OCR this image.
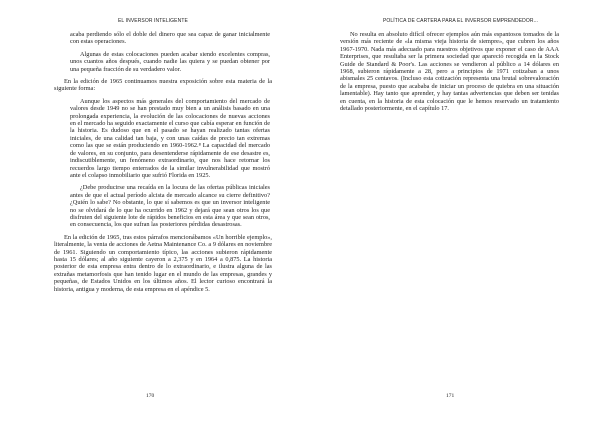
EL INVERSOR INTELIGENTE

acaba perdiendo sólo el doble del dinero que sea capaz de ganar inicialmente con estas operaciones.

Algunas de estas colocaciones pueden acabar siendo excelentes compras, unos cuantos años después, cuando nadie las quiera y se puedan obtener por una pequeña fracción de su verdadero valor.

En la edición de 1965 continuamos nuestra exposición sobre esta materia de la siguiente forma:

Aunque los aspectos más generales del comportamiento del mercado de valores desde 1949 no se han prestado muy bien a un análisis basado en una prolongada experiencia, la evolución de las colocaciones de nuevas acciones en el mercado ha seguido exactamente el curso que cabía esperar en función de la historia. Es dudoso que en el pasado se hayan realizado tantas ofertas iniciales, de una calidad tan baja, y con unas caídas de precio tan extremas como las que se están produciendo en 1960-1962.⁸ La capacidad del mercado de valores, en su conjunto, para desentenderse rápidamente de ese desastre es, indiscutiblemente, un fenómeno extraordinario, que nos hace retornar los recuerdos largo tiempo enterrados de la similar invulnerabilidad que mostró ante el colapso inmobiliario que sufrió Florida en 1925.

¿Debe producirse una recaída en la locura de las ofertas públicas iniciales antes de que el actual período alcista de mercado alcance su cierre definitivo? ¿Quién lo sabe? No obstante, lo que sí sabemos es que un inversor inteligente no se olvidará de lo que ha ocurrido en 1962 y dejará que sean otros los que disfruten del siguiente lote de rápidos beneficios en esta área y que sean otros, en consecuencia, los que sufran las posteriores pérdidas desastrosas.

En la edición de 1965, tras estos párrafos mencionábamos «Un horrible ejemplo», literalmente, la venta de acciones de Aetna Maintenance Co. a 9 dólares en noviembre de 1961. Siguiendo un comportamiento típico, las acciones subieron rápidamente hasta 15 dólares; al año siguiente cayeron a 2,375 y en 1964 a 0,875. La historia posterior de esta empresa entra dentro de lo extraordinario, e ilustra alguna de las extrañas metamorfosis que han tenido lugar en el mundo de las empresas, grandes y pequeñas, de Estados Unidos en los últimos años. El lector curioso encontrará la historia, antigua y moderna, de esta empresa en el apéndice 5.

170
POLÍTICA DE CARTERA PARA EL INVERSOR EMPRENDEDOR...

No resulta en absoluto difícil ofrecer ejemplos aún más espantosos tomados de la versión más reciente de «la misma vieja historia de siempre», que cubren los años 1967-1970. Nada más adecuado para nuestros objetivos que exponer el caso de AAA Enterprises, que resultaba ser la primera sociedad que apareció recogida en la Stock Guide de Standard & Poor's. Las acciones se vendieron al público a 14 dólares en 1968, subieron rápidamente a 28, pero a principios de 1971 cotizaban a unos abismales 25 centavos. (Incluso esta cotización representa una brutal sobrevaloración de la empresa, puesto que acababa de iniciar un proceso de quiebra en una situación lamentable). Hay tanto que aprender, y hay tantas advertencias que deben ser tenidas en cuenta, en la historia de esta colocación que le hemos reservado un tratamiento detallado posteriormente, en el capítulo 17.

171
